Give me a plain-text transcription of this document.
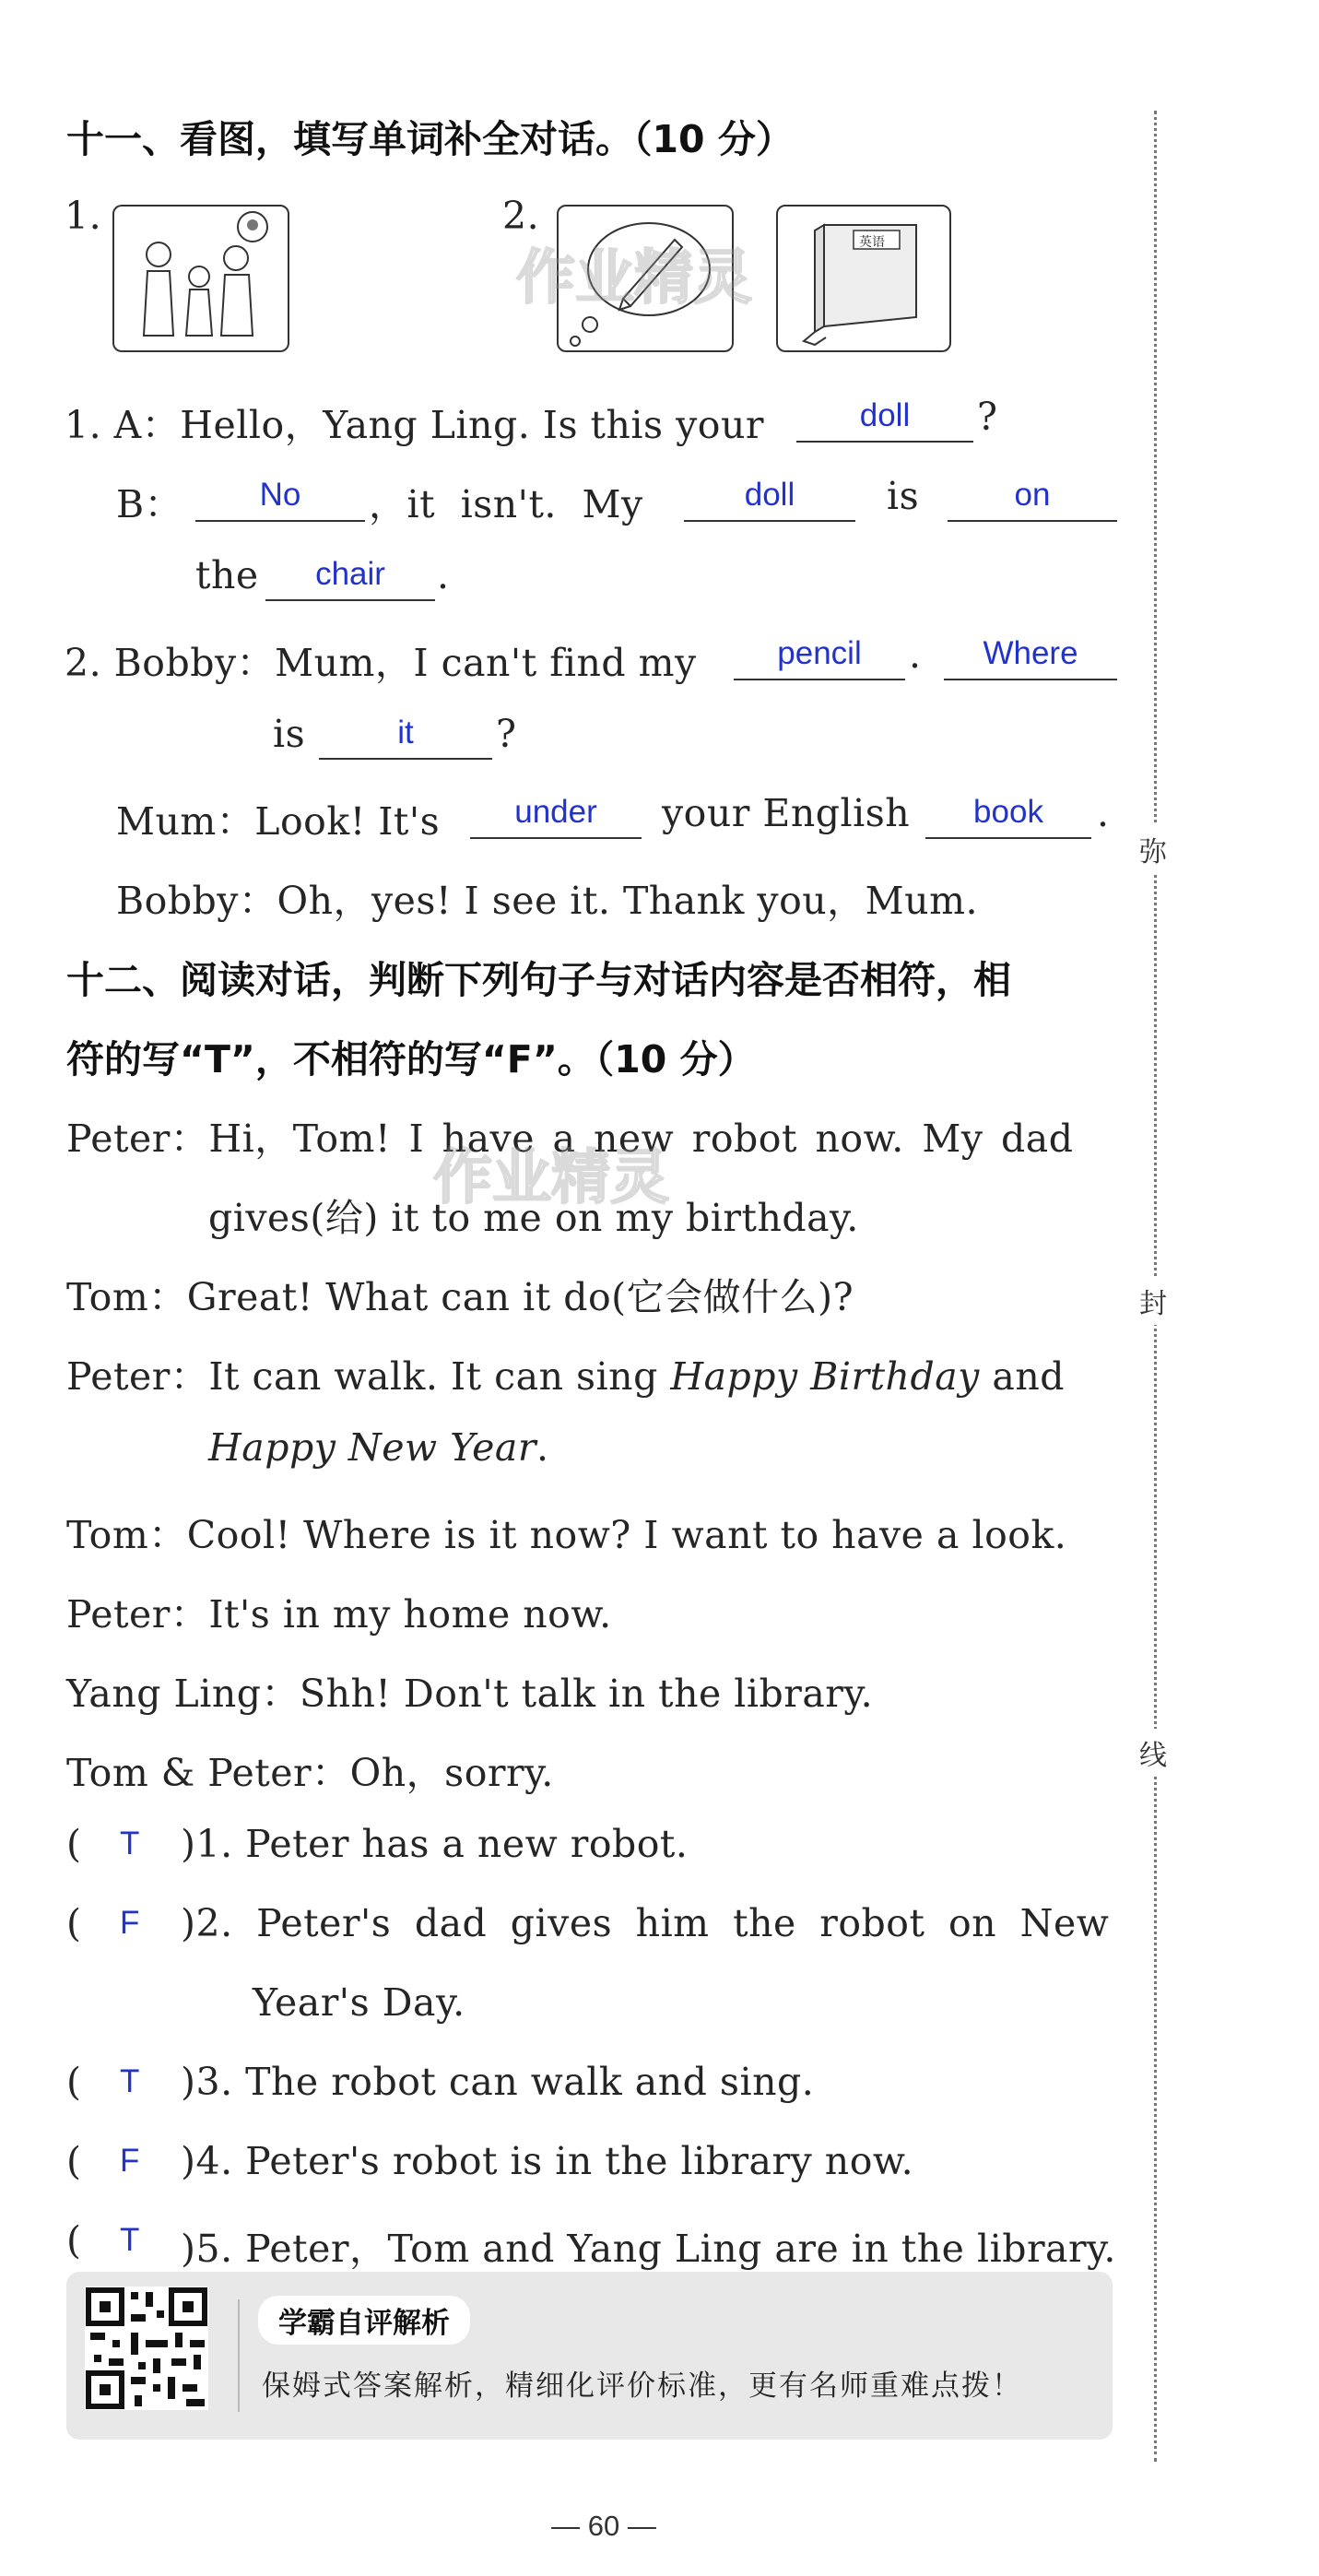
弥
封
线
十一、看图，填写单词补全对话。（10 分）
1.	2.
英语
作业精灵
1. A：Hello，Yang Ling. Is this your	doll	?
B：	No	，it isn't. My	doll	is	on
the	chair	.
2. Bobby：Mum，I can't find my	pencil	.	Where
is	it	?
Mum：Look! It's	under	your English	book	.
Bobby：Oh，yes! I see it. Thank you，Mum.
十二、阅读对话，判断下列句子与对话内容是否相符，相
符的写“T”，不相符的写“F”。（10 分）
Peter：Hi，Tom! I have a new robot now. My dad
gives(给) it to me on my birthday.
作业精灵
Tom：Great! What can it do(它会做什么)?
Peter：It can walk. It can sing Happy Birthday and
Happy New Year.
Tom：Cool! Where is it now? I want to have a look.
Peter：It's in my home now.
Yang Ling：Shh! Don't talk in the library.
Tom & Peter：Oh，sorry.
( T )1. Peter has a new robot.
( F )2. Peter's dad gives him the robot on New
Year's Day.
( T )3. The robot can walk and sing.
( F )4. Peter's robot is in the library now.
( T )5. Peter，Tom and Yang Ling are in the library.
学霸自评解析
保姆式答案解析，精细化评价标准，更有名师重难点拨！
— 60 —
